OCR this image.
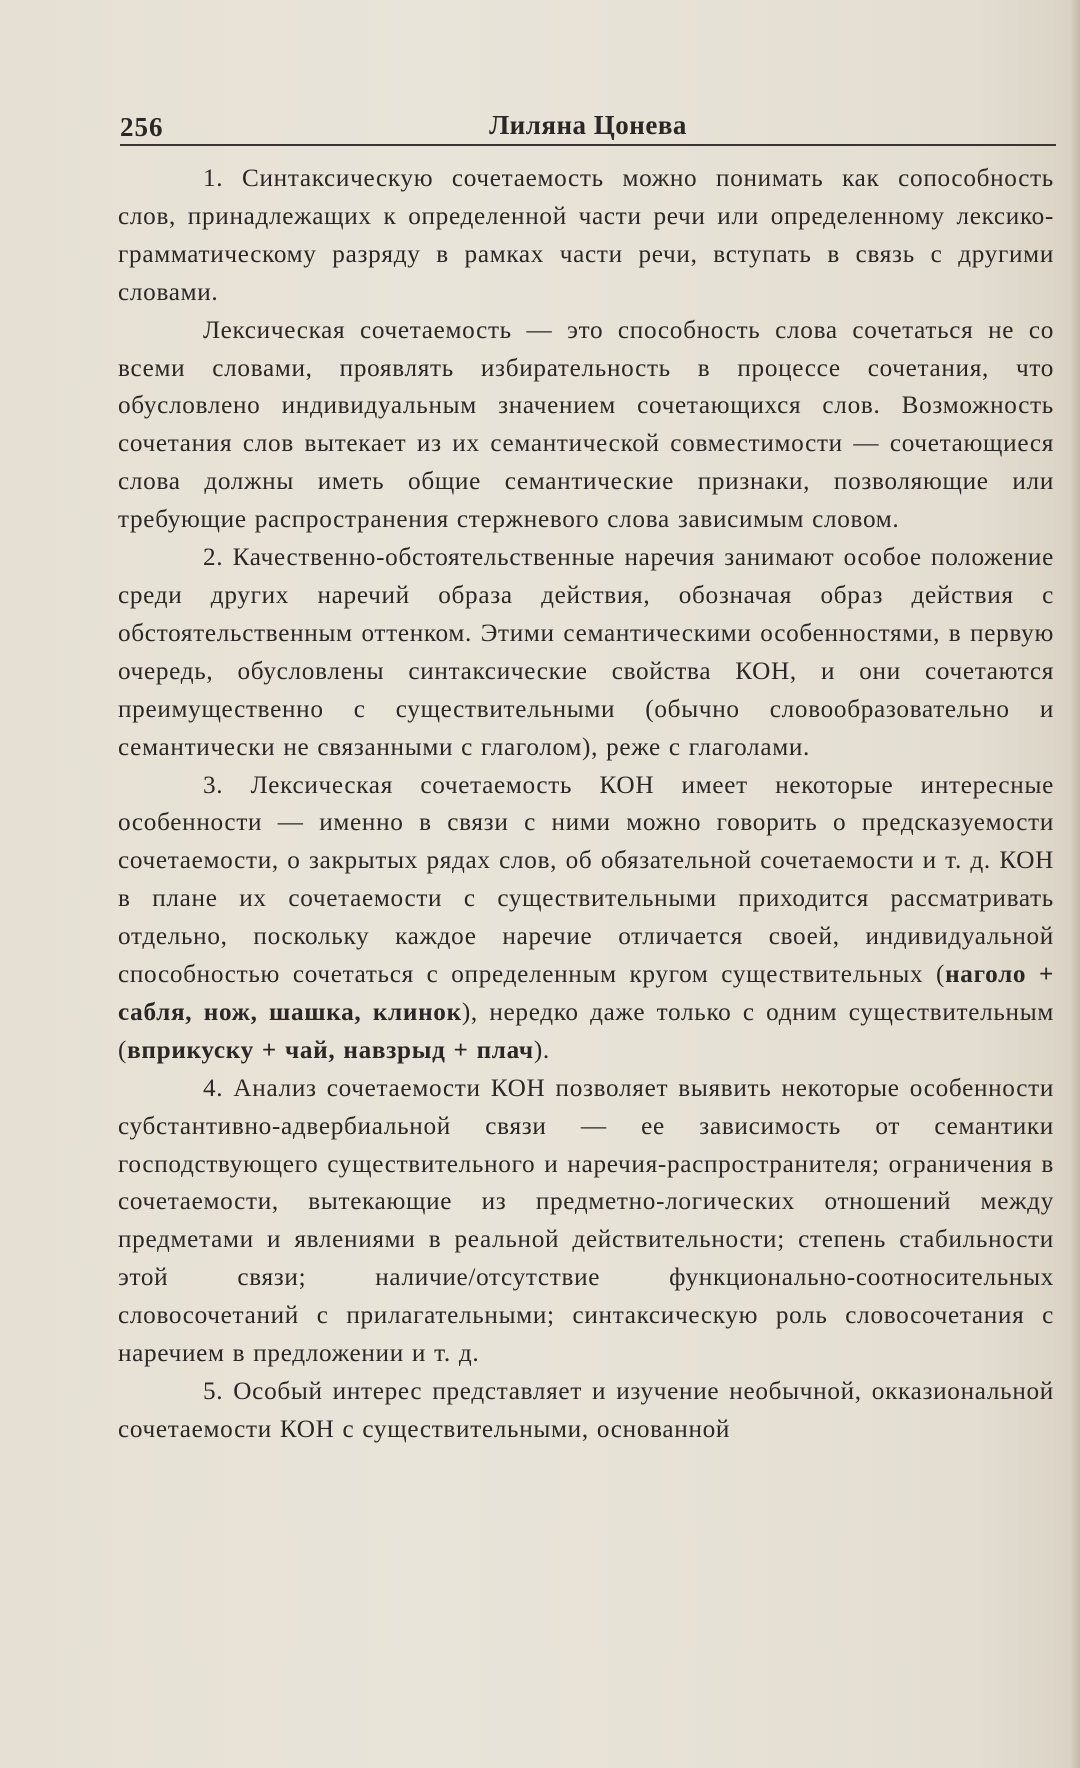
256	Лиляна Цонева

1. Синтаксическую сочетаемость можно понимать как сопособность слов, принадлежащих к определенной части речи или определенному лексико-грамматическому разряду в рамках части речи, вступать в связь с другими словами.

Лексическая сочетаемость — это способность слова сочетаться не со всеми словами, проявлять избирательность в процессе сочетания, что обусловлено индивидуальным значением сочетающихся слов. Возможность сочетания слов вытекает из их семантической совместимости — сочетающиеся слова должны иметь общие семантические признаки, позволяющие или требующие распространения стержневого слова зависимым словом.

2. Качественно-обстоятельственные наречия занимают особое положение среди других наречий образа действия, обозначая образ действия с обстоятельственным оттенком. Этими семантическими особенностями, в первую очередь, обусловлены синтаксические свойства КОН, и они сочетаются преимущественно с существительными (обычно словообразовательно и семантически не связанными с глаголом), реже с глаголами.

3. Лексическая сочетаемость КОН имеет некоторые интересные особенности — именно в связи с ними можно говорить о предсказуемости сочетаемости, о закрытых рядах слов, об обязательной сочетаемости и т. д. КОН в плане их сочетаемости с существительными приходится рассматривать отдельно, поскольку каждое наречие отличается своей, индивидуальной способностью сочетаться с определенным кругом существительных (наголо + сабля, нож, шашка, клинок), нередко даже только с одним существительным (вприкуску + чай, навзрыд + плач).

4. Анализ сочетаемости КОН позволяет выявить некоторые особенности субстантивно-адвербиальной связи — ее зависимость от семантики господствующего существительного и наречия-распространителя; ограничения в сочетаемости, вытекающие из предметно-логических отношений между предметами и явлениями в реальной действительности; степень стабильности этой связи; наличие/отсутствие функционально-соотносительных словосочетаний с прилагательными; синтаксическую роль словосочетания с наречием в предложении и т. д.

5. Особый интерес представляет и изучение необычной, окказиональной сочетаемости КОН с существительными, основанной
